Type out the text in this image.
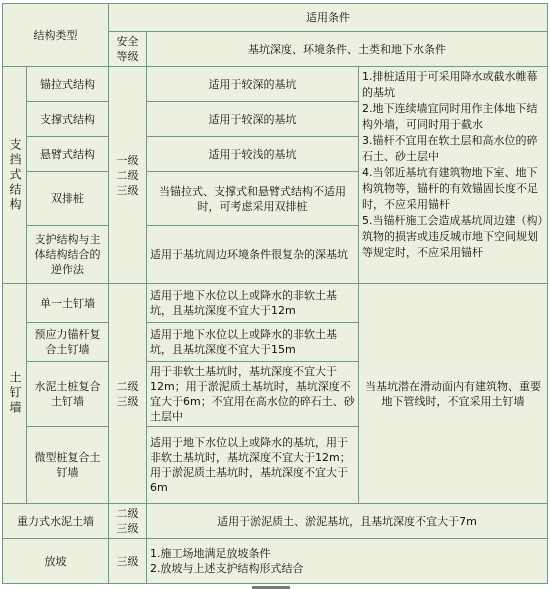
结构类型
适用条件
安全
等级
基坑深度、环境条件、土类和地下水条件
支挡式结构
锚拉式结构
支撑式结构
悬臂式结构
双排桩
支护结构与主体结构结合的逆作法
一级
二级
三级
适用于较深的基坑
适用于较深的基坑
适用于较浅的基坑
当锚拉式、支撑式和悬臂式结构不适用时，可考虑采用双排桩
适用于基坑周边环境条件很复杂的深基坑
1.排桩适用于可采用降水或截水帷幕的基坑
2.地下连续墙宜同时用作主体地下结构外墙，可同时用于截水
3.锚杆不宜用在软土层和高水位的碎石土、砂土层中
4.当邻近基坑有建筑物地下室、地下构筑物等，锚杆的有效锚固长度不足时，不应采用锚杆
5.当锚杆施工会造成基坑周边建（构）筑物的损害或违反城市地下空间规划等规定时，不应采用锚杆
土钉墙
单一土钉墙
预应力锚杆复合土钉墙
水泥土桩复合土钉墙
微型桩复合土钉墙
二级
三级
适用于地下水位以上或降水的非软土基坑，且基坑深度不宜大于12m
适用于地下水位以上或降水的非软土基坑，且基坑深度不宜大于15m
用于非软土基坑时，基坑深度不宜大于12m；用于淤泥质土基坑时，基坑深度不宜大于6m；不宜用在高水位的碎石土、砂土层中
适用于地下水位以上或降水的基坑，用于非软土基坑时，基坑深度不宜大于12m；用于淤泥质土基坑时，基坑深度不宜大于6m
当基坑潜在滑动面内有建筑物、重要地下管线时，不宜采用土钉墙
重力式水泥土墙
二级
三级
适用于淤泥质土、淤泥基坑，且基坑深度不宜大于7m
放坡	三级
1.施工场地满足放坡条件
2.放坡与上述支护结构形式结合
